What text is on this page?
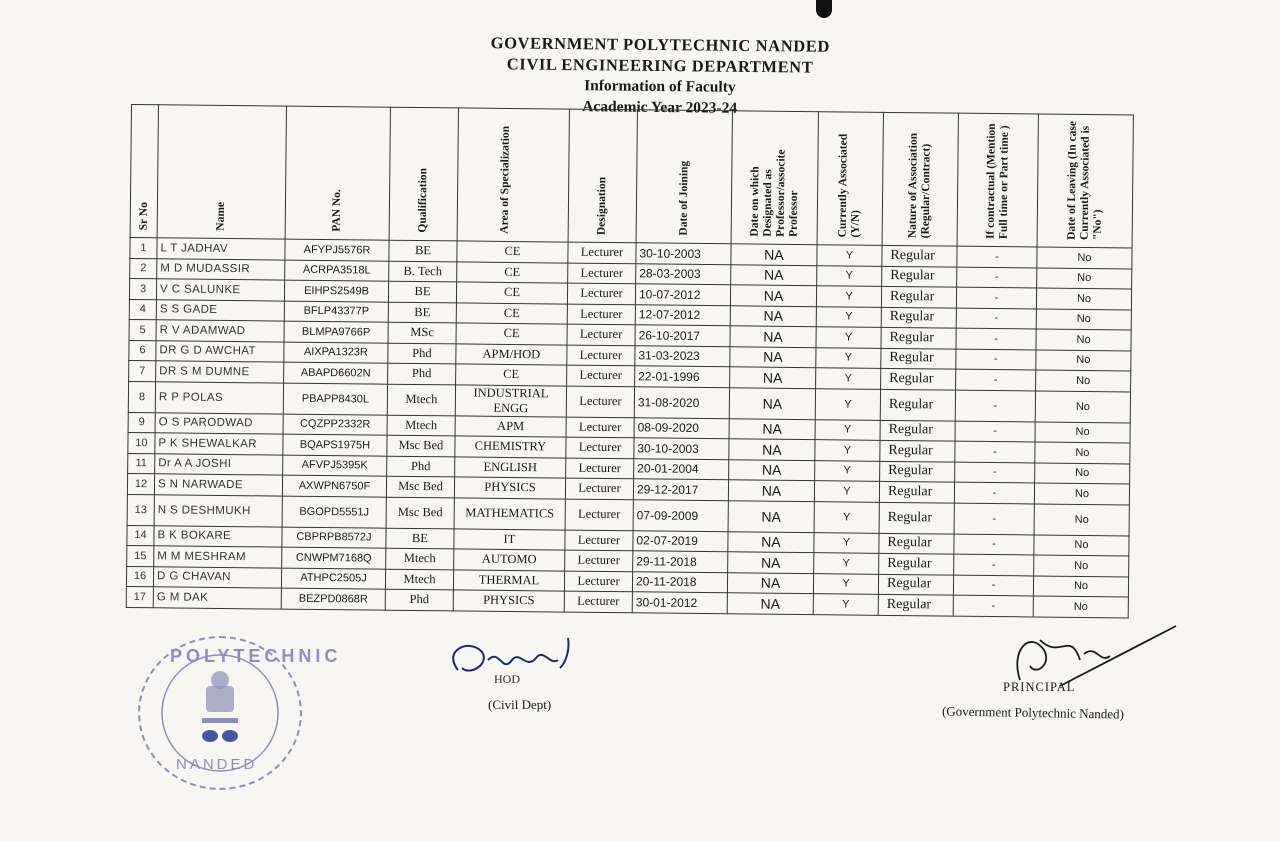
GOVERNMENT POLYTECHNIC NANDED
CIVIL ENGINEERING DEPARTMENT
Information of Faculty
Academic Year 2023-24
Sr No	Name	PAN No.	Qualification	Area of Specialization	Designation	Date of Joining	Date on which Designated as Professor/associte Professor	Currently Associated (Y/N)	Nature of Association (Regular/Contract)	If contractual (Mention Full time or Part time )	Date of Leaving (In case Currently Associated is "No")
1	L T JADHAV	AFYPJ5576R	BE	CE	Lecturer	30-10-2003	NA	Y	Regular	-	No
2	M D MUDASSIR	ACRPA3518L	B. Tech	CE	Lecturer	28-03-2003	NA	Y	Regular	-	No
3	V C SALUNKE	EIHPS2549B	BE	CE	Lecturer	10-07-2012	NA	Y	Regular	-	No
4	S S GADE	BFLP43377P	BE	CE	Lecturer	12-07-2012	NA	Y	Regular	-	No
5	R V ADAMWAD	BLMPA9766P	MSc	CE	Lecturer	26-10-2017	NA	Y	Regular	-	No
6	DR G D AWCHAT	AIXPA1323R	Phd	APM/HOD	Lecturer	31-03-2023	NA	Y	Regular	-	No
7	DR S M DUMNE	ABAPD6602N	Phd	CE	Lecturer	22-01-1996	NA	Y	Regular	-	No
8	R P POLAS	PBAPP8430L	Mtech	INDUSTRIAL ENGG	Lecturer	31-08-2020	NA	Y	Regular	-	No
9	O S PARODWAD	CQZPP2332R	Mtech	APM	Lecturer	08-09-2020	NA	Y	Regular	-	No
10	P K SHEWALKAR	BQAPS1975H	Msc Bed	CHEMISTRY	Lecturer	30-10-2003	NA	Y	Regular	-	No
11	Dr A A JOSHI	AFVPJ5395K	Phd	ENGLISH	Lecturer	20-01-2004	NA	Y	Regular	-	No
12	S N NARWADE	AXWPN6750F	Msc Bed	PHYSICS	Lecturer	29-12-2017	NA	Y	Regular	-	No
13	N S DESHMUKH	BGOPD5551J	Msc Bed	MATHEMATICS	Lecturer	07-09-2009	NA	Y	Regular	-	No
14	B K BOKARE	CBPRPB8572J	BE	IT	Lecturer	02-07-2019	NA	Y	Regular	-	No
15	M M MESHRAM	CNWPM7168Q	Mtech	AUTOMO	Lecturer	29-11-2018	NA	Y	Regular	-	No
16	D G CHAVAN	ATHPC2505J	Mtech	THERMAL	Lecturer	20-11-2018	NA	Y	Regular	-	No
17	G M DAK	BEZPD0868R	Phd	PHYSICS	Lecturer	30-01-2012	NA	Y	Regular	-	No
POLYTECHNIC
NANDED
HOD
(Civil Dept)
PRINCIPAL
(Government Polytechnic Nanded)
